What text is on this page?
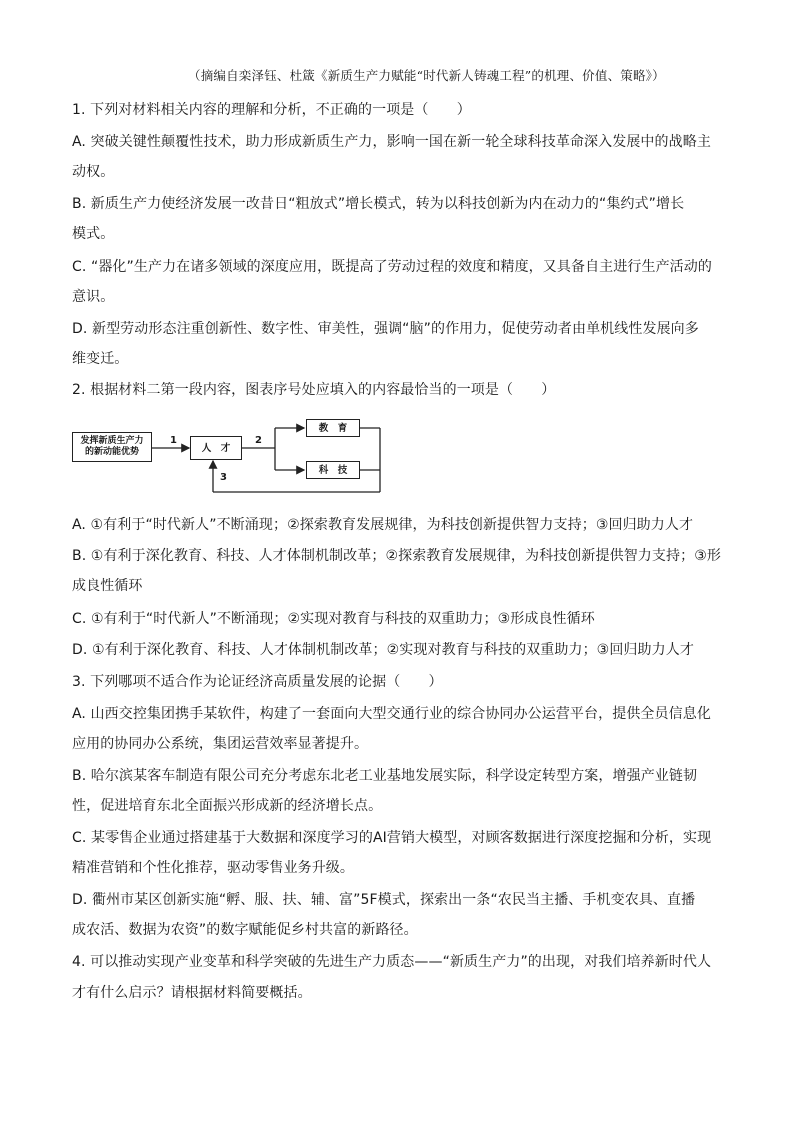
（摘编自栾泽钰、杜箴《新质生产力赋能“时代新人铸魂工程”的机理、价值、策略》）
1. 下列对材料相关内容的理解和分析，不正确的一项是（　　）
A. 突破关键性颠覆性技术，助力形成新质生产力，影响一国在新一轮全球科技革命深入发展中的战略主
动权。
B. 新质生产力使经济发展一改昔日“粗放式”增长模式，转为以科技创新为内在动力的“集约式”增长
模式。
C. “器化”生产力在诸多领域的深度应用，既提高了劳动过程的效度和精度，又具备自主进行生产活动的
意识。
D. 新型劳动形态注重创新性、数字性、审美性，强调“脑”的作用力，促使劳动者由单机线性发展向多
维变迁。
2. 根据材料二第一段内容，图表序号处应填入的内容最恰当的一项是（　　）
发挥新质生产力
的新动能优势	人　才
教　育
科　技
1	2
3
A. ①有利于“时代新人”不断涌现；②探索教育发展规律，为科技创新提供智力支持；③回归助力人才
B. ①有利于深化教育、科技、人才体制机制改革；②探索教育发展规律，为科技创新提供智力支持；③形
成良性循环
C. ①有利于“时代新人”不断涌现；②实现对教育与科技的双重助力；③形成良性循环
D. ①有利于深化教育、科技、人才体制机制改革；②实现对教育与科技的双重助力；③回归助力人才
3. 下列哪项不适合作为论证经济高质量发展的论据（　　）
A. 山西交控集团携手某软件，构建了一套面向大型交通行业的综合协同办公运营平台，提供全员信息化
应用的协同办公系统，集团运营效率显著提升。
B. 哈尔滨某客车制造有限公司充分考虑东北老工业基地发展实际，科学设定转型方案，增强产业链韧
性，促进培育东北全面振兴形成新的经济增长点。
C. 某零售企业通过搭建基于大数据和深度学习的AI营销大模型，对顾客数据进行深度挖掘和分析，实现
精准营销和个性化推荐，驱动零售业务升级。
D. 衢州市某区创新实施“孵、服、扶、辅、富”5F模式，探索出一条“农民当主播、手机变农具、直播
成农活、数据为农资”的数字赋能促乡村共富的新路径。
4. 可以推动实现产业变革和科学突破的先进生产力质态——“新质生产力”的出现，对我们培养新时代人
才有什么启示？请根据材料简要概括。
